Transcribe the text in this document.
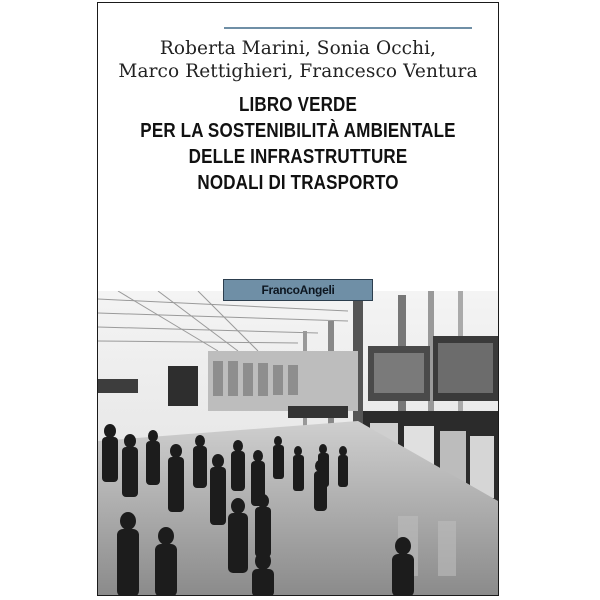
Roberta Marini, Sonia Occhi,
Marco Rettighieri, Francesco Ventura
LIBRO VERDE
PER LA SOSTENIBILITÀ AMBIENTALE
DELLE INFRASTRUTTURE
NODALI DI TRASPORTO
FrancoAngeli
